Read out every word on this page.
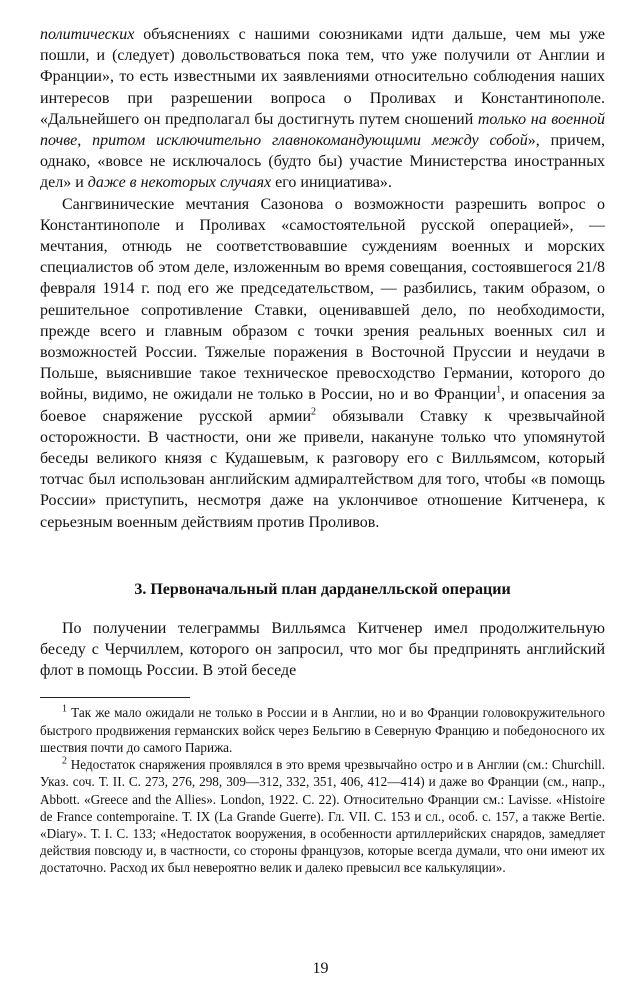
политических объяснениях с нашими союзниками идти дальше, чем мы уже пошли, и (следует) довольствоваться пока тем, что уже получили от Англии и Франции», то есть известными их заявлениями относительно соблюдения наших интересов при разрешении вопроса о Проливах и Константинополе. «Дальнейшего он предполагал бы достигнуть путем сношений только на военной почве, притом исключительно главнокомандующими между собой», причем, однако, «вовсе не исключалось (будто бы) участие Министерства иностранных дел» и даже в некоторых случаях его инициатива».

Сангвинические мечтания Сазонова о возможности разрешить вопрос о Константинополе и Проливах «самостоятельной русской операцией», — мечтания, отнюдь не соответствовавшие суждениям военных и морских специалистов об этом деле, изложенным во время совещания, состоявшегося 21/8 февраля 1914 г. под его же председательством, — разбились, таким образом, о решительное сопротивление Ставки, оценивавшей дело, по необходимости, прежде всего и главным образом с точки зрения реальных военных сил и возможностей России. Тяжелые поражения в Восточной Пруссии и неудачи в Польше, выяснившие такое техническое превосходство Германии, которого до войны, видимо, не ожидали не только в России, но и во Франции$^1$, и опасения за боевое снаряжение русской армии$^2$ обязывали Ставку к чрезвычайной осторожности. В частности, они же привели, накануне только что упомянутой беседы великого князя с Кудашевым, к разговору его с Вилльямсом, который тотчас был использован английским адмиралтейством для того, чтобы «в помощь России» приступить, несмотря даже на уклончивое отношение Китченера, к серьезным военным действиям против Проливов.

3. Первоначальный план дарданелльской операции

По получении телеграммы Вилльямса Китченер имел продолжительную беседу с Черчиллем, которого он запросил, что мог бы предпринять английский флот в помощь России. В этой беседе

$^1$ Так же мало ожидали не только в России и в Англии, но и во Франции головокружительного быстрого продвижения германских войск через Бельгию в Северную Францию и победоносного их шествия почти до самого Парижа.

$^2$ Недостаток снаряжения проявлялся в это время чрезвычайно остро и в Англии (см.: Churchill. Указ. соч. Т. II. С. 273, 276, 298, 309—312, 332, 351, 406, 412—414) и даже во Франции (см., напр., Abbott. «Greece and the Allies». London, 1922. С. 22). Относительно Франции см.: Lavisse. «Histoire de France contemporaine. Т. IX (La Grande Guerre). Гл. VII. С. 153 и сл., особ. с. 157, а также Bertie. «Diary». Т. I. С. 133; «Недостаток вооружения, в особенности артиллерийских снарядов, замедляет действия повсюду и, в частности, со стороны французов, которые всегда думали, что они имеют их достаточно. Расход их был невероятно велик и далеко превысил все калькуляции».

19
